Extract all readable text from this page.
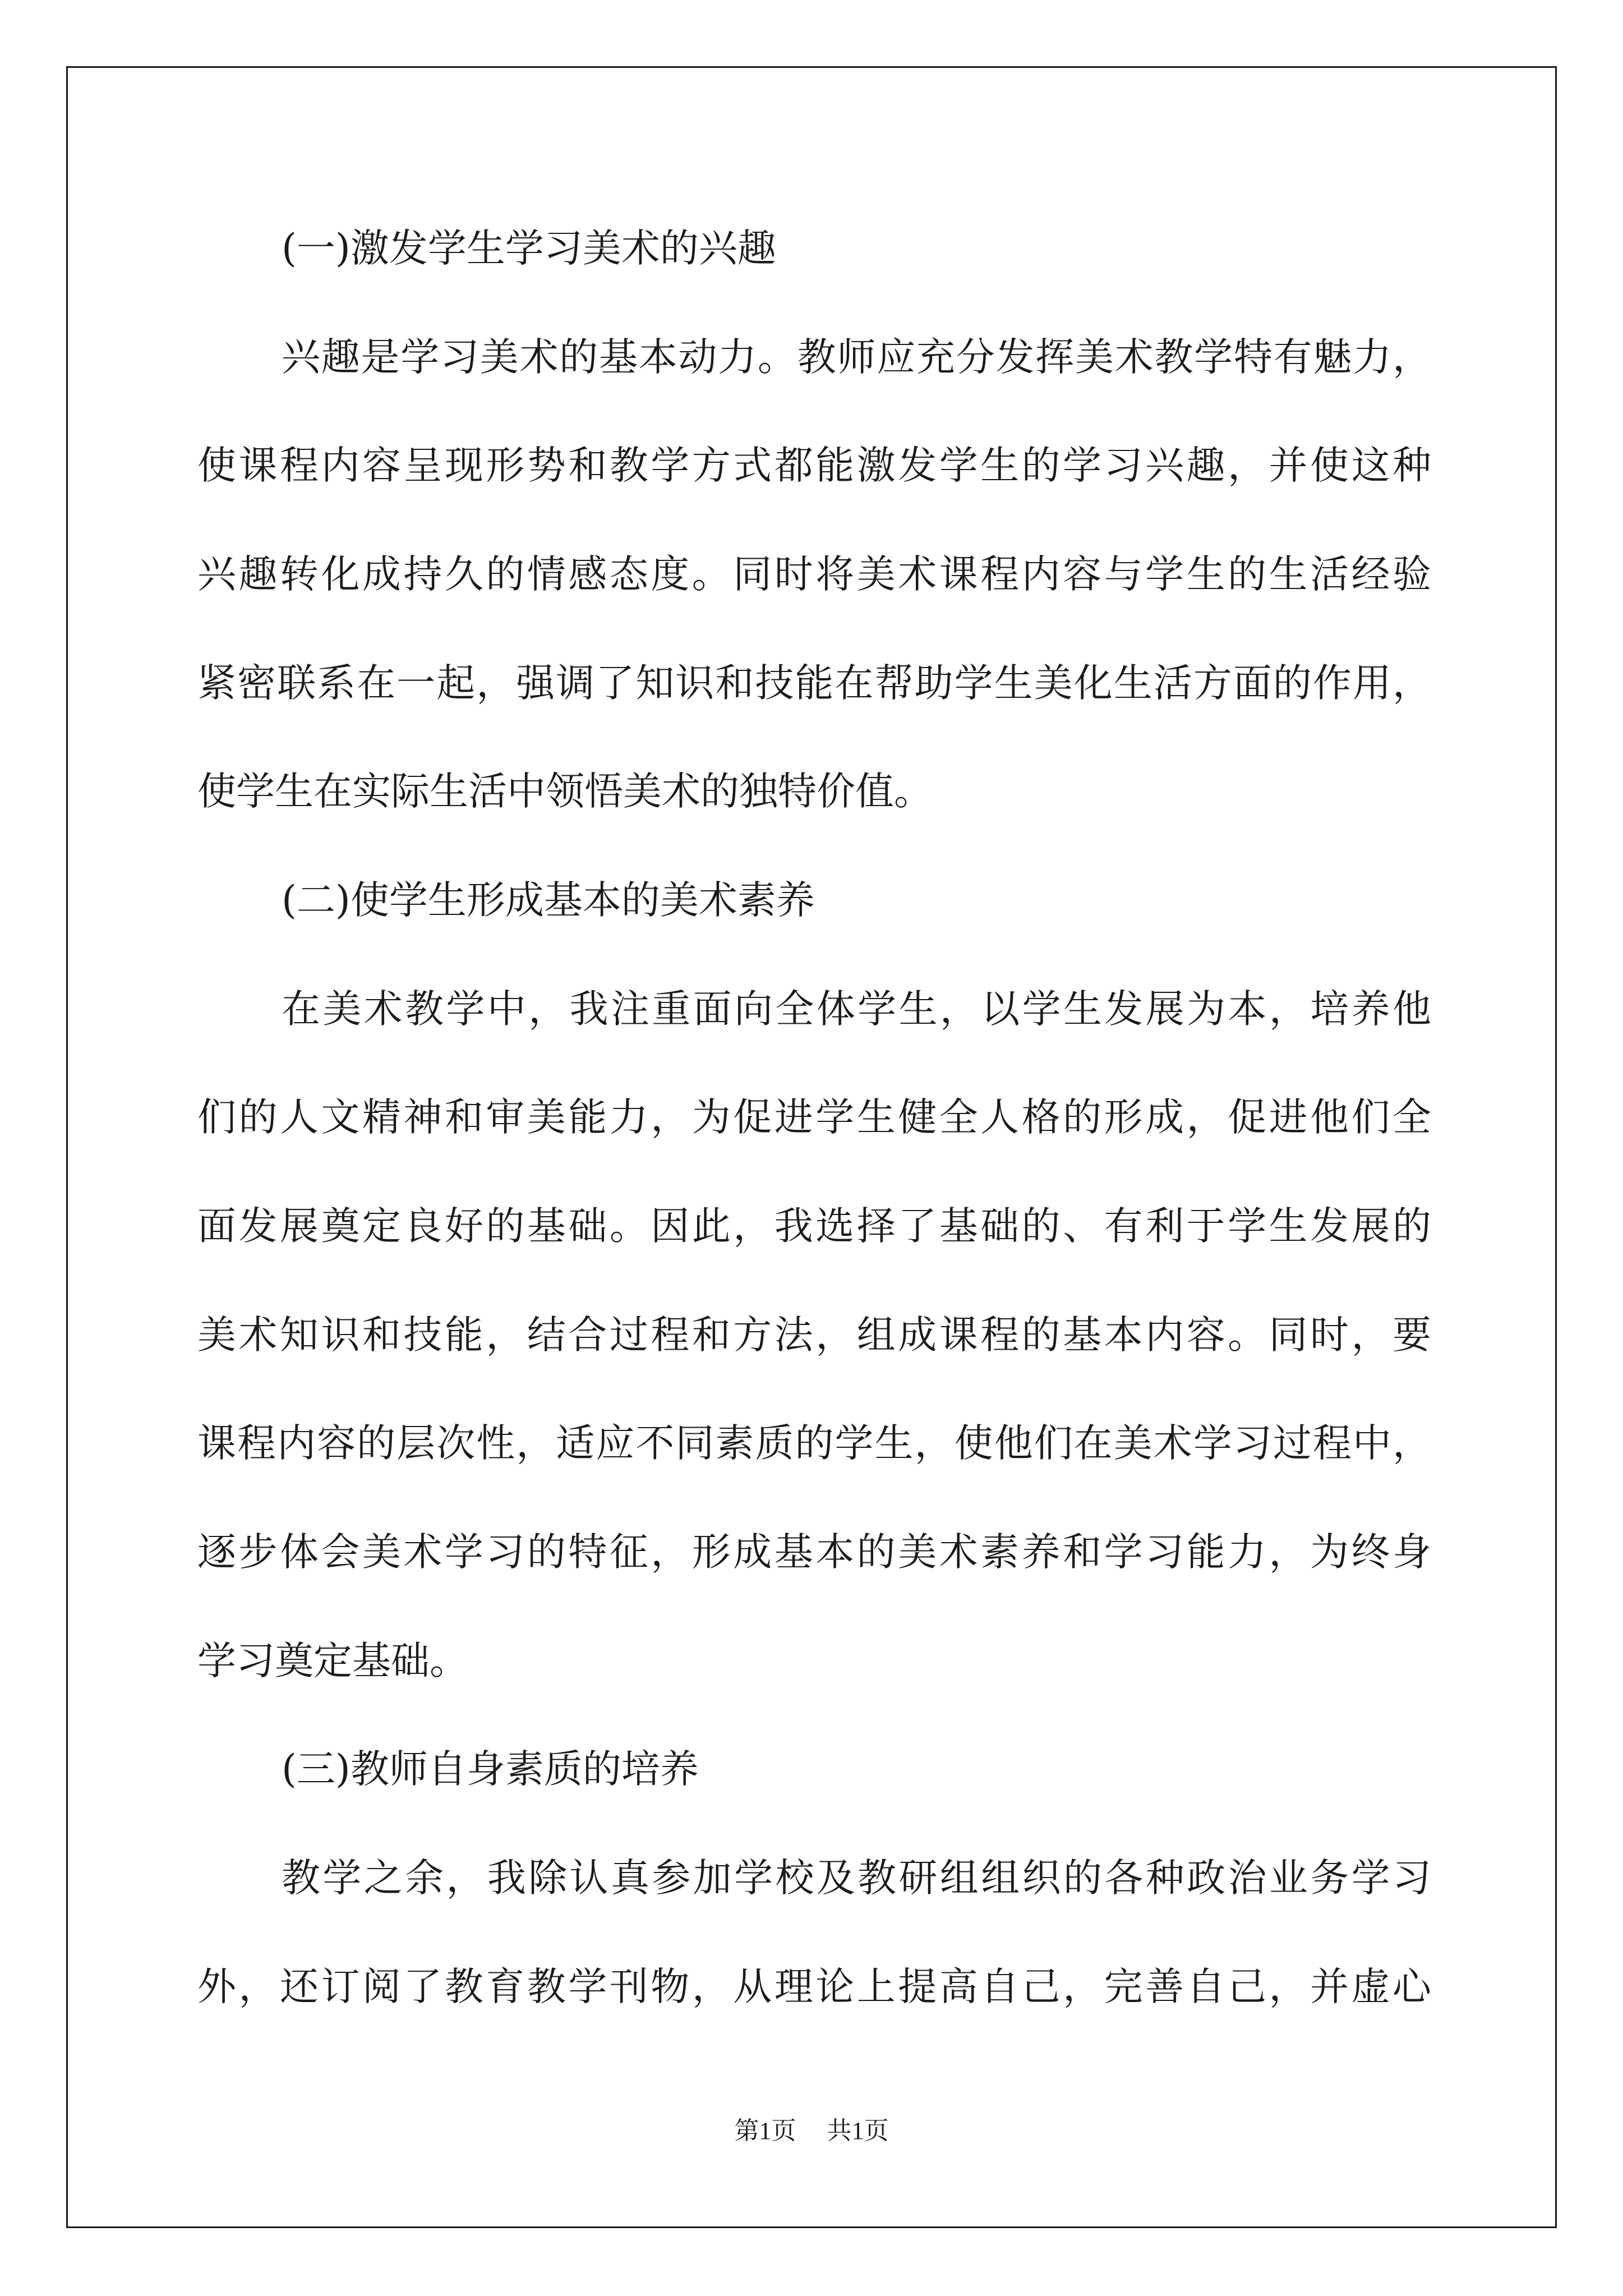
(一)激发学生学习美术的兴趣
兴趣是学习美术的基本动力。教师应充分发挥美术教学特有魅力，
使课程内容呈现形势和教学方式都能激发学生的学习兴趣，并使这种
兴趣转化成持久的情感态度。同时将美术课程内容与学生的生活经验
紧密联系在一起，强调了知识和技能在帮助学生美化生活方面的作用，
使学生在实际生活中领悟美术的独特价值。
(二)使学生形成基本的美术素养
在美术教学中，我注重面向全体学生，以学生发展为本，培养他
们的人文精神和审美能力，为促进学生健全人格的形成，促进他们全
面发展奠定良好的基础。因此，我选择了基础的、有利于学生发展的
美术知识和技能，结合过程和方法，组成课程的基本内容。同时，要
课程内容的层次性，适应不同素质的学生，使他们在美术学习过程中，
逐步体会美术学习的特征，形成基本的美术素养和学习能力，为终身
学习奠定基础。
(三)教师自身素质的培养
教学之余，我除认真参加学校及教研组组织的各种政治业务学习
外，还订阅了教育教学刊物，从理论上提高自己，完善自己，并虚心
第1页 共1页
